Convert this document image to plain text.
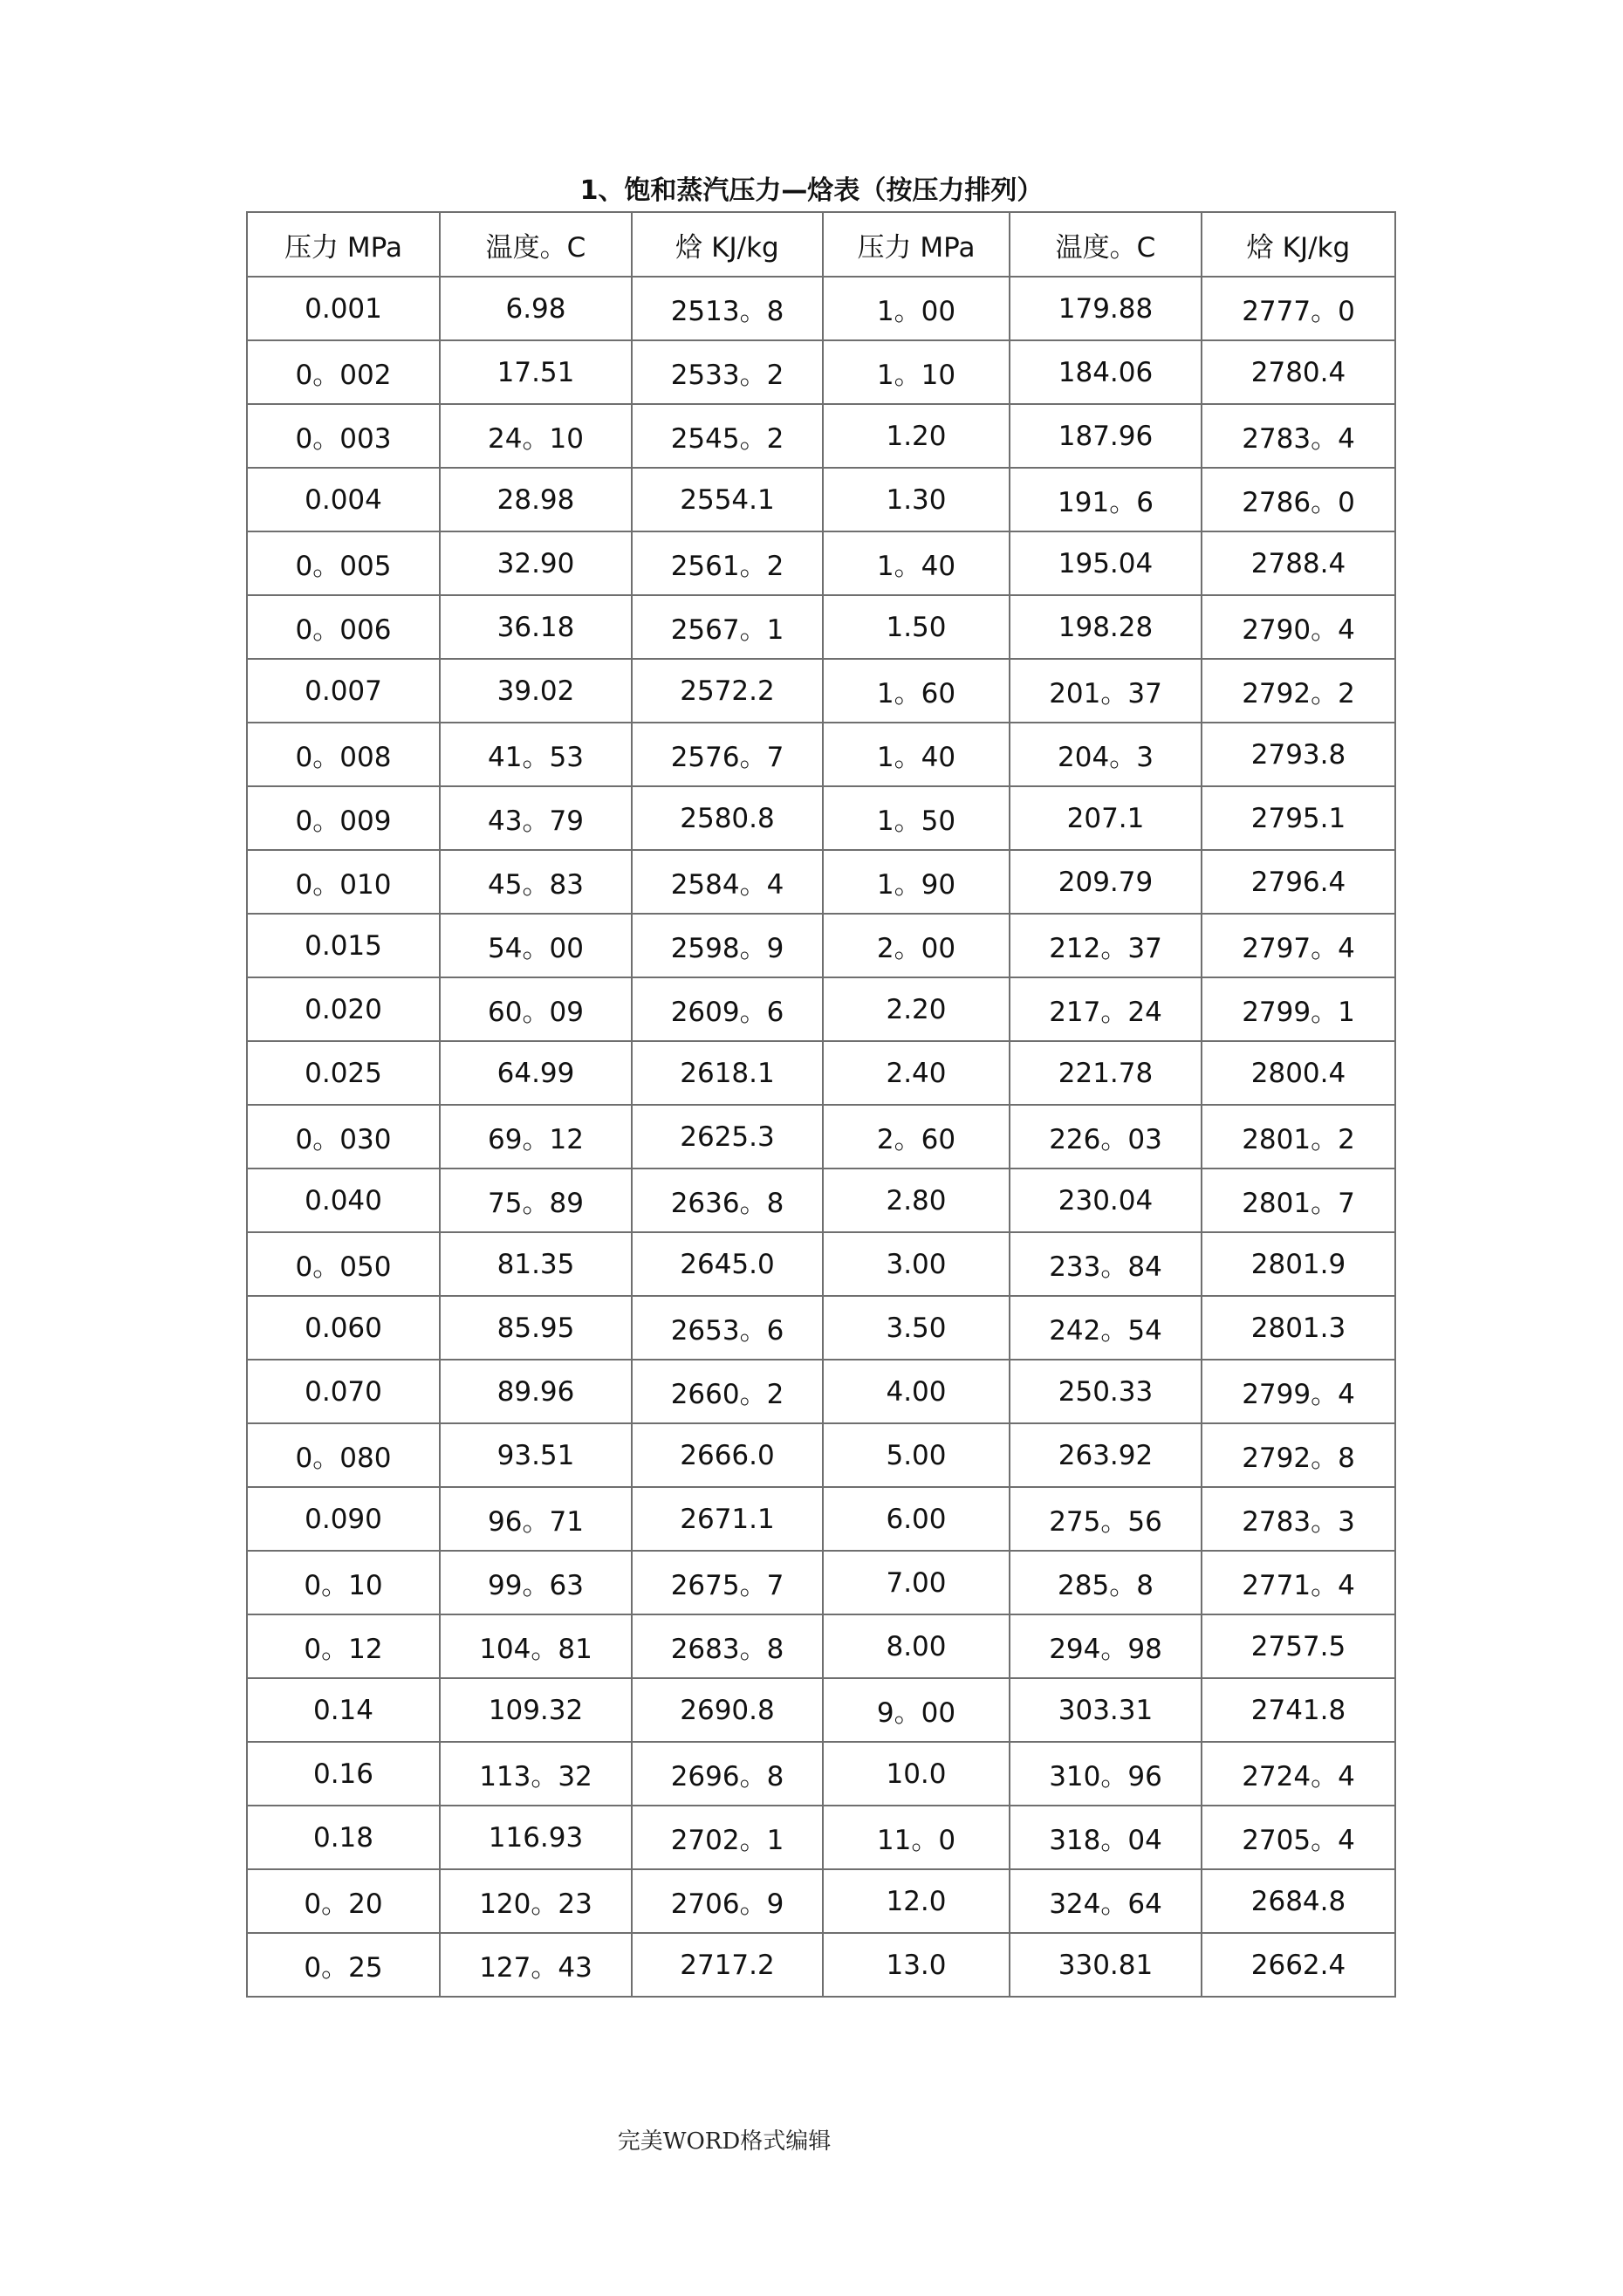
1、饱和蒸汽压力—焓表（按压力排列）
压力 MPa	温度。C	焓 KJ/kg	压力 MPa	温度。C	焓 KJ/kg
0.001	6.98	2513。8	1。00	179.88	2777。0
0。002	17.51	2533。2	1。10	184.06	2780.4
0。003	24。10	2545。2	1.20	187.96	2783。4
0.004	28.98	2554.1	1.30	191。6	2786。0
0。005	32.90	2561。2	1。40	195.04	2788.4
0。006	36.18	2567。1	1.50	198.28	2790。4
0.007	39.02	2572.2	1。60	201。37	2792。2
0。008	41。53	2576。7	1。40	204。3	2793.8
0。009	43。79	2580.8	1。50	207.1	2795.1
0。010	45。83	2584。4	1。90	209.79	2796.4
0.015	54。00	2598。9	2。00	212。37	2797。4
0.020	60。09	2609。6	2.20	217。24	2799。1
0.025	64.99	2618.1	2.40	221.78	2800.4
0。030	69。12	2625.3	2。60	226。03	2801。2
0.040	75。89	2636。8	2.80	230.04	2801。7
0。050	81.35	2645.0	3.00	233。84	2801.9
0.060	85.95	2653。6	3.50	242。54	2801.3
0.070	89.96	2660。2	4.00	250.33	2799。4
0。080	93.51	2666.0	5.00	263.92	2792。8
0.090	96。71	2671.1	6.00	275。56	2783。3
0。10	99。63	2675。7	7.00	285。8	2771。4
0。12	104。81	2683。8	8.00	294。98	2757.5
0.14	109.32	2690.8	9。00	303.31	2741.8
0.16	113。32	2696。8	10.0	310。96	2724。4
0.18	116.93	2702。1	11。0	318。04	2705。4
0。20	120。23	2706。9	12.0	324。64	2684.8
0。25	127。43	2717.2	13.0	330.81	2662.4
完美WORD格式编辑
